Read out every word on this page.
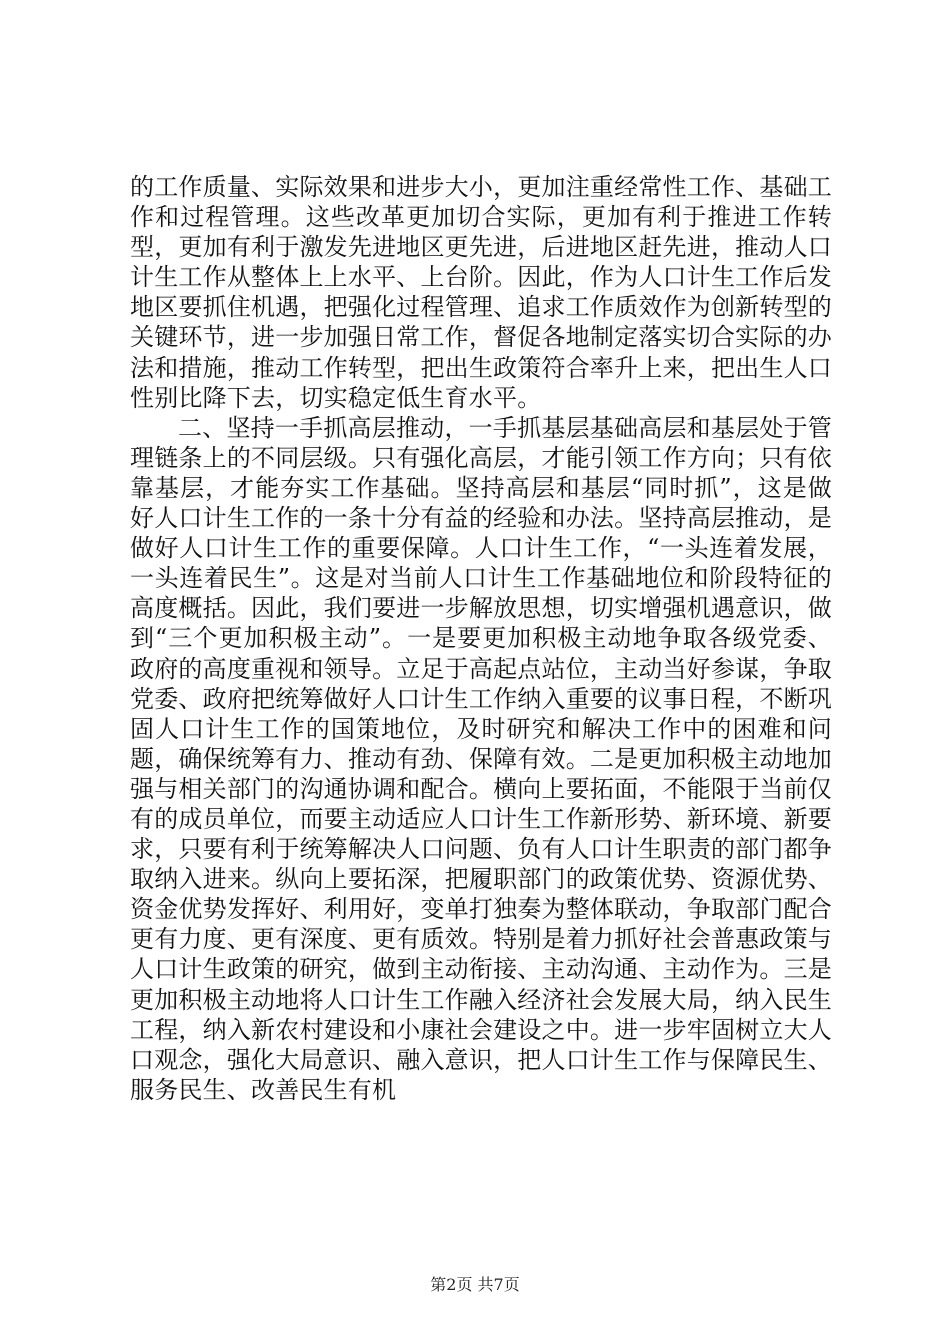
的工作质量、实际效果和进步大小，更加注重经常性工作、基础工作和过程管理。这些改革更加切合实际，更加有利于推进工作转型，更加有利于激发先进地区更先进，后进地区赶先进，推动人口计生工作从整体上上水平、上台阶。因此，作为人口计生工作后发地区要抓住机遇，把强化过程管理、追求工作质效作为创新转型的关键环节，进一步加强日常工作，督促各地制定落实切合实际的办法和措施，推动工作转型，把出生政策符合率升上来，把出生人口性别比降下去，切实稳定低生育水平。

二、坚持一手抓高层推动，一手抓基层基础高层和基层处于管理链条上的不同层级。只有强化高层，才能引领工作方向；只有依靠基层，才能夯实工作基础。坚持高层和基层“同时抓”，这是做好人口计生工作的一条十分有益的经验和办法。坚持高层推动，是做好人口计生工作的重要保障。人口计生工作，“一头连着发展，一头连着民生”。这是对当前人口计生工作基础地位和阶段特征的高度概括。因此，我们要进一步解放思想，切实增强机遇意识，做到“三个更加积极主动”。一是要更加积极主动地争取各级党委、政府的高度重视和领导。立足于高起点站位，主动当好参谋，争取党委、政府把统筹做好人口计生工作纳入重要的议事日程，不断巩固人口计生工作的国策地位，及时研究和解决工作中的困难和问题，确保统筹有力、推动有劲、保障有效。二是更加积极主动地加强与相关部门的沟通协调和配合。横向上要拓面，不能限于当前仅有的成员单位，而要主动适应人口计生工作新形势、新环境、新要求，只要有利于统筹解决人口问题、负有人口计生职责的部门都争取纳入进来。纵向上要拓深，把履职部门的政策优势、资源优势、资金优势发挥好、利用好，变单打独奏为整体联动，争取部门配合更有力度、更有深度、更有质效。特别是着力抓好社会普惠政策与人口计生政策的研究，做到主动衔接、主动沟通、主动作为。三是更加积极主动地将人口计生工作融入经济社会发展大局，纳入民生工程，纳入新农村建设和小康社会建设之中。进一步牢固树立大人口观念，强化大局意识、融入意识，把人口计生工作与保障民生、服务民生、改善民生有机

第2页 共7页
